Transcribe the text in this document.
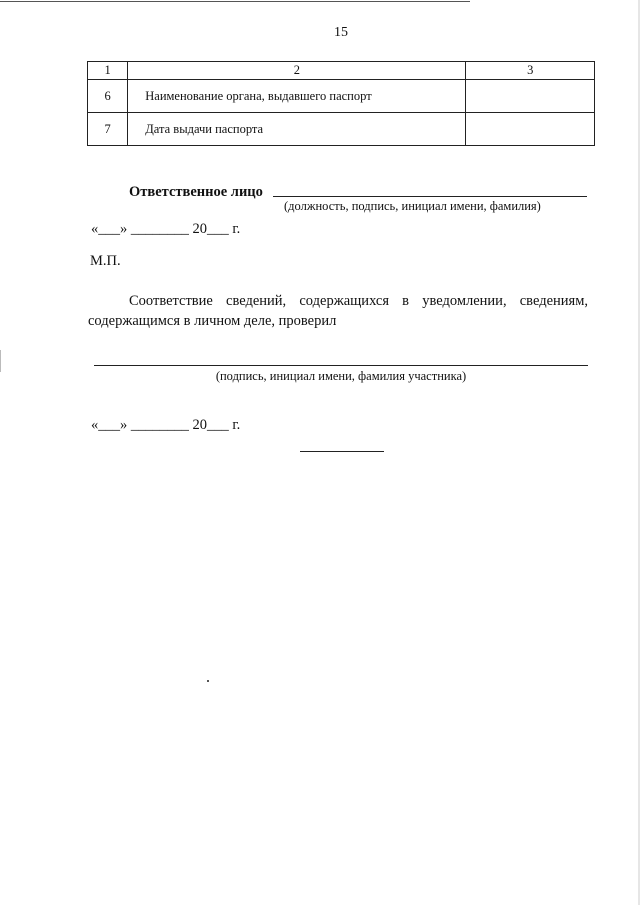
15
1	2	3
6	Наименование органа, выдавшего паспорт	
7	Дата выдачи паспорта	
Ответственное лицо
(должность, подпись, инициал имени, фамилия)
«___» ________ 20___ г.
М.П.
Соответствие сведений, содержащихся в уведомлении, сведениям,
содержащимся в личном деле, проверил
(подпись, инициал имени, фамилия участника)
«___» ________ 20___ г.
